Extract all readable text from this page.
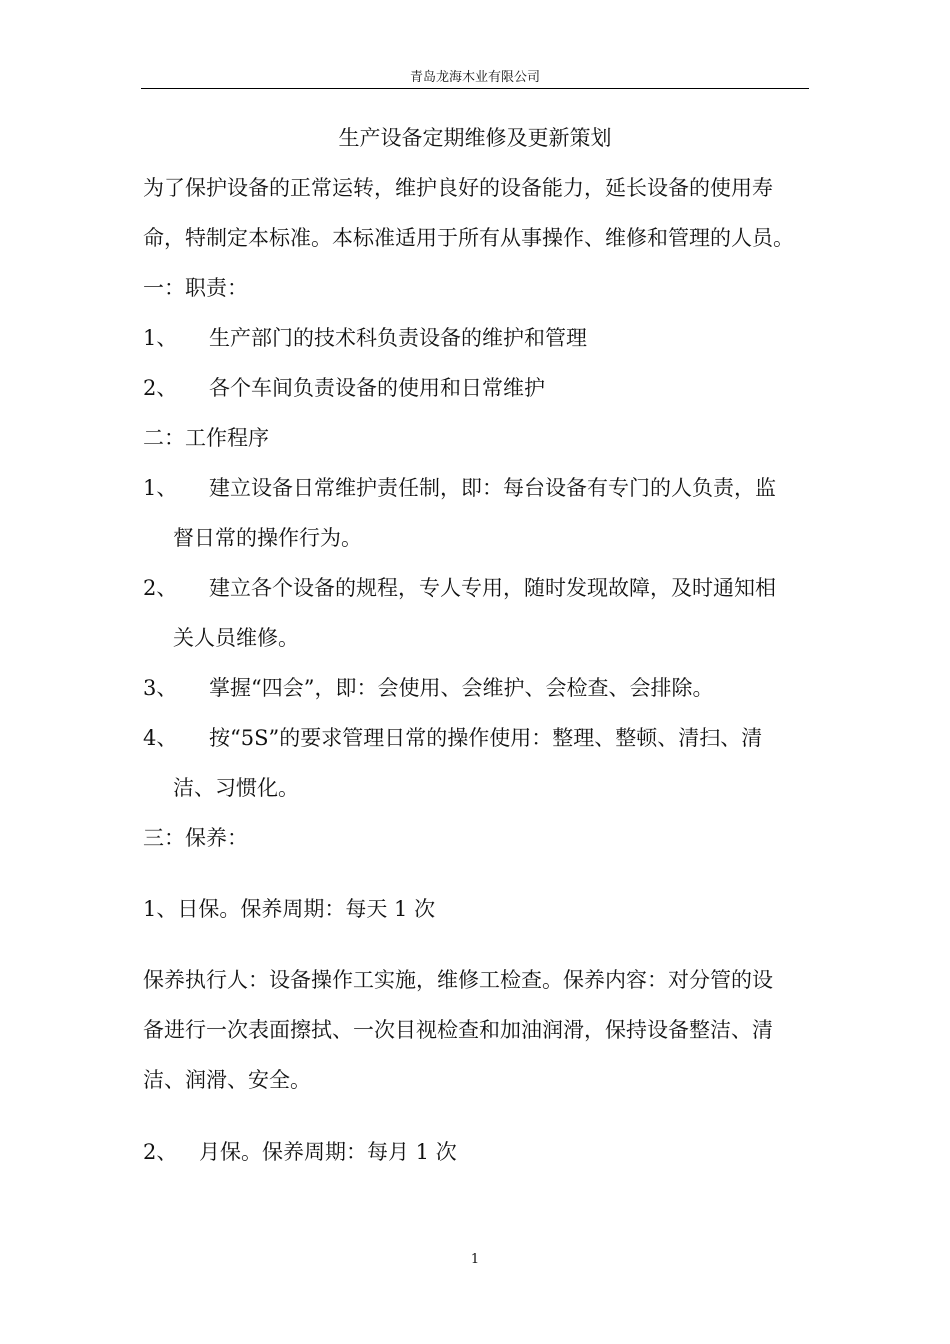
青岛龙海木业有限公司
生产设备定期维修及更新策划
为了保护设备的正常运转，维护良好的设备能力，延长设备的使用寿
命，特制定本标准。本标准适用于所有从事操作、维修和管理的人员。
一：职责：
1、 生产部门的技术科负责设备的维护和管理
2、 各个车间负责设备的使用和日常维护
二：工作程序
1、 建立设备日常维护责任制，即：每台设备有专门的人负责，监
督日常的操作行为。
2、 建立各个设备的规程，专人专用，随时发现故障，及时通知相
关人员维修。
3、 掌握“四会”，即：会使用、会维护、会检查、会排除。
4、 按“5S”的要求管理日常的操作使用：整理、整顿、清扫、清
洁、习惯化。
三：保养：
1、日保。保养周期：每天 1 次
保养执行人：设备操作工实施，维修工检查。保养内容：对分管的设
备进行一次表面擦拭、一次目视检查和加油润滑，保持设备整洁、清
洁、润滑、安全。
2、 月保。保养周期：每月 1 次
1
